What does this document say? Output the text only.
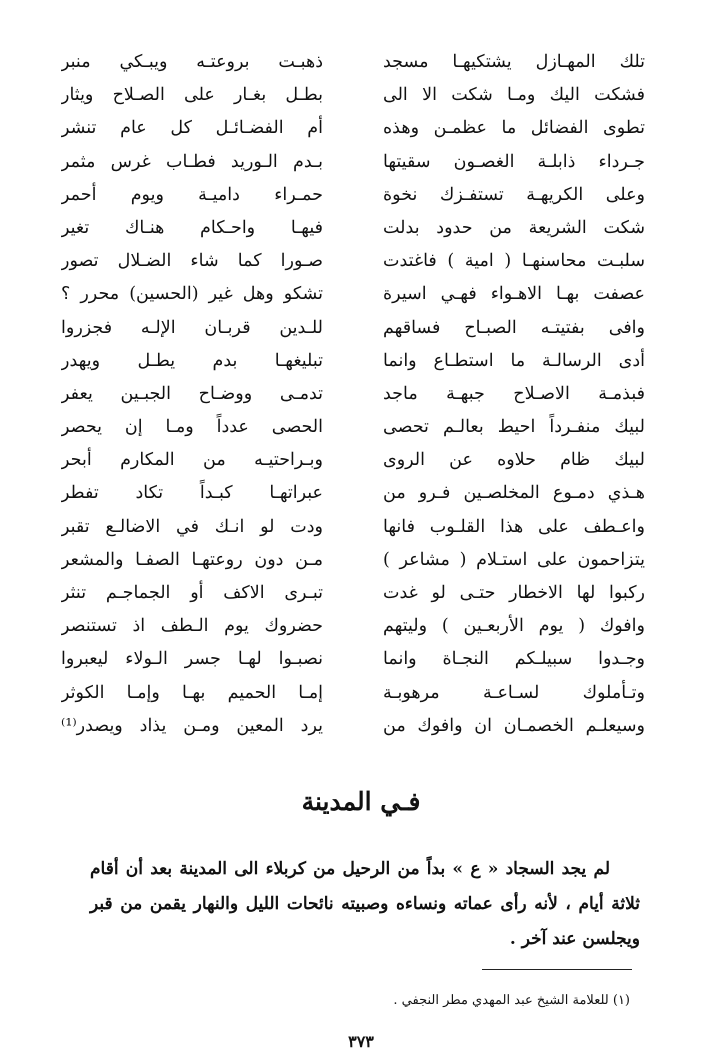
تلك المهـازل يشتكيهـا مسجد
فشكت اليك ومـا شكت الا الى
تطوى الفضائل ما عظمـن وهذه
جـرداء ذابلـة الغصـون سقيتها
وعلى الكريهـة تستفـزك نخوة
شكت الشريعة من حدود بدلت
سلبـت محاسنهـا ( امية ) فاغتدت
عصفت بهـا الاهـواء فهـي اسيرة
وافى بفتيتـه الصبـاح فساقهم
أدى الرسالـة ما استطـاع وانما
فبذمـة الاصـلاح جبهـة ماجد
لبيك منفـرداً احيط بعالـم تحصى
لبيك ظام حلاوه عن الروى
هـذي دمـوع المخلصـين فـرو من
واعـطف على هذا القلـوب فانها
يتزاحمون على استـلام ( مشاعر )
ركبوا لها الاخطار حتـى لو غدت
وافوك ( يوم الأربعـين ) وليتهم
وجـدوا سبيلـكم النجـاة وانما
وتـأملوك لسـاعـة مرهوبـة
وسيعلـم الخصمـان ان وافوك من
ذهبـت بروعتـه ويبـكي منبر
بطـل بغـار على الصـلاح ويثار
أم الفضـائـل كل عام تنشر
بـدم الـوريد فطـاب غرس مثمر
حمـراء داميـة ويوم أحمر
فيهـا واحـكام هنـاك تغير
صـورا كما شاء الضـلال تصور
تشكو وهل غير (الحسين) محرر ؟
للـدين قربـان الإلـه فجزروا
تبليغهـا بدم يطـل ويهدر
تدمـى ووضـاح الجبـين يعفر
الحصى عدداً ومـا إن يحصر
وبـراحتيـه من المكارم أبحر
عبراتهـا كبـداً تكاد تفطر
ودت لو انـك في الاضالـع تقبر
مـن دون روعتهـا الصفـا والمشعر
تبـرى الاكف أو الجماجـم تنثر
حضروك يوم الـطف اذ تستنصر
نصبـوا لهـا جسر الـولاء ليعبروا
إمـا الحميم بهـا وإمـا الكوثر
يرد المعين ومـن يذاد ويصدر⁽¹⁾
فـي المدينة

لم يجد السجاد « ع » بداً من الرحيل من كربلاء الى المدينة بعد أن أقام ثلاثة أيام ، لأنه رأى عماته ونساءه وصبيته نائحات الليل والنهار يقمن من قبر ويجلسن عند آخر .

(١) للعلامة الشيخ عبد المهدي مطر النجفي .
٣٧٣
